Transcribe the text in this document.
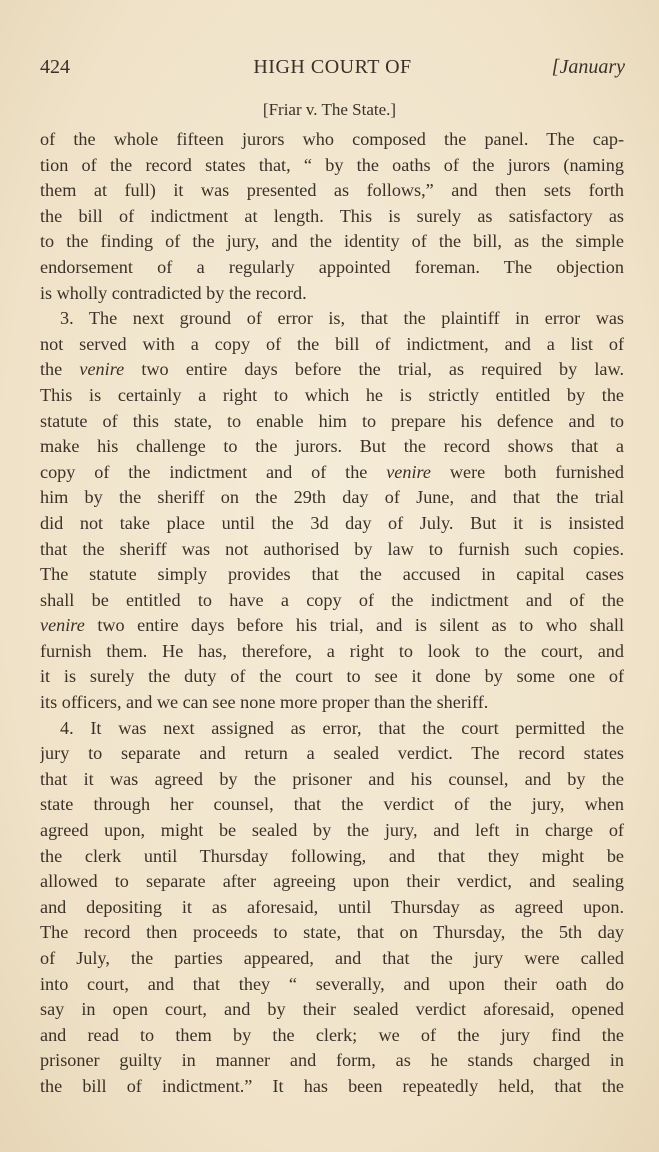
424	HIGH COURT OF	[January
[Friar v. The State.]
of the whole fifteen jurors who composed the panel. The cap-
tion of the record states that, “ by the oaths of the jurors (naming
them at full) it was presented as follows,” and then sets forth
the bill of indictment at length. This is surely as satisfactory as
to the finding of the jury, and the identity of the bill, as the simple
endorsement of a regularly appointed foreman. The objection
is wholly contradicted by the record.
3. The next ground of error is, that the plaintiff in error was
not served with a copy of the bill of indictment, and a list of
the venire two entire days before the trial, as required by law.
This is certainly a right to which he is strictly entitled by the
statute of this state, to enable him to prepare his defence and to
make his challenge to the jurors. But the record shows that a
copy of the indictment and of the venire were both furnished
him by the sheriff on the 29th day of June, and that the trial
did not take place until the 3d day of July. But it is insisted
that the sheriff was not authorised by law to furnish such copies.
The statute simply provides that the accused in capital cases
shall be entitled to have a copy of the indictment and of the
venire two entire days before his trial, and is silent as to who shall
furnish them. He has, therefore, a right to look to the court, and
it is surely the duty of the court to see it done by some one of
its officers, and we can see none more proper than the sheriff.
4. It was next assigned as error, that the court permitted the
jury to separate and return a sealed verdict. The record states
that it was agreed by the prisoner and his counsel, and by the
state through her counsel, that the verdict of the jury, when
agreed upon, might be sealed by the jury, and left in charge of
the clerk until Thursday following, and that they might be
allowed to separate after agreeing upon their verdict, and sealing
and depositing it as aforesaid, until Thursday as agreed upon.
The record then proceeds to state, that on Thursday, the 5th day
of July, the parties appeared, and that the jury were called
into court, and that they “ severally, and upon their oath do
say in open court, and by their sealed verdict aforesaid, opened
and read to them by the clerk; we of the jury find the
prisoner guilty in manner and form, as he stands charged in
the bill of indictment.” It has been repeatedly held, that the
